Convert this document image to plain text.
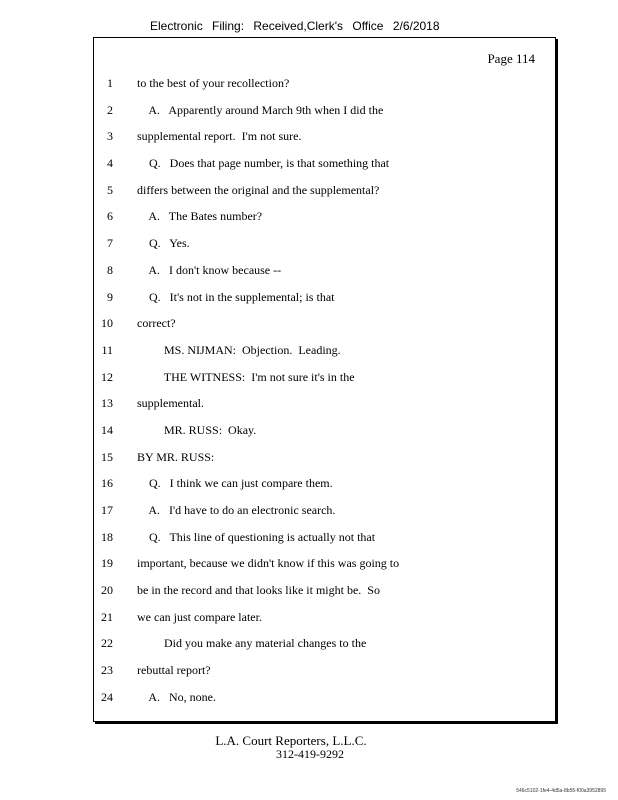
Electronic Filing: Received,Clerk's Office 2/6/2018
Page 114
1 to the best of your recollection?
2 A.   Apparently around March 9th when I did the
3 supplemental report.  I'm not sure.
4 Q.   Does that page number, is that something that
5 differs between the original and the supplemental?
6 A.   The Bates number?
7 Q.   Yes.
8 A.   I don't know because --
9 Q.   It's not in the supplemental; is that
10 correct?
11 MS. NIJMAN:  Objection.  Leading.
12 THE WITNESS:  I'm not sure it's in the
13 supplemental.
14 MR. RUSS:  Okay.
15 BY MR. RUSS:
16 Q.   I think we can just compare them.
17 A.   I'd have to do an electronic search.
18 Q.   This line of questioning is actually not that
19 important, because we didn't know if this was going to
20 be in the record and that looks like it might be.  So
21 we can just compare later.
22 Did you make any material changes to the
23 rebuttal report?
24 A.   No, none.
L.A. Court Reporters, L.L.C.
312-419-9292
546c5102-1fe4-4d5a-8b55-f00a3952895
